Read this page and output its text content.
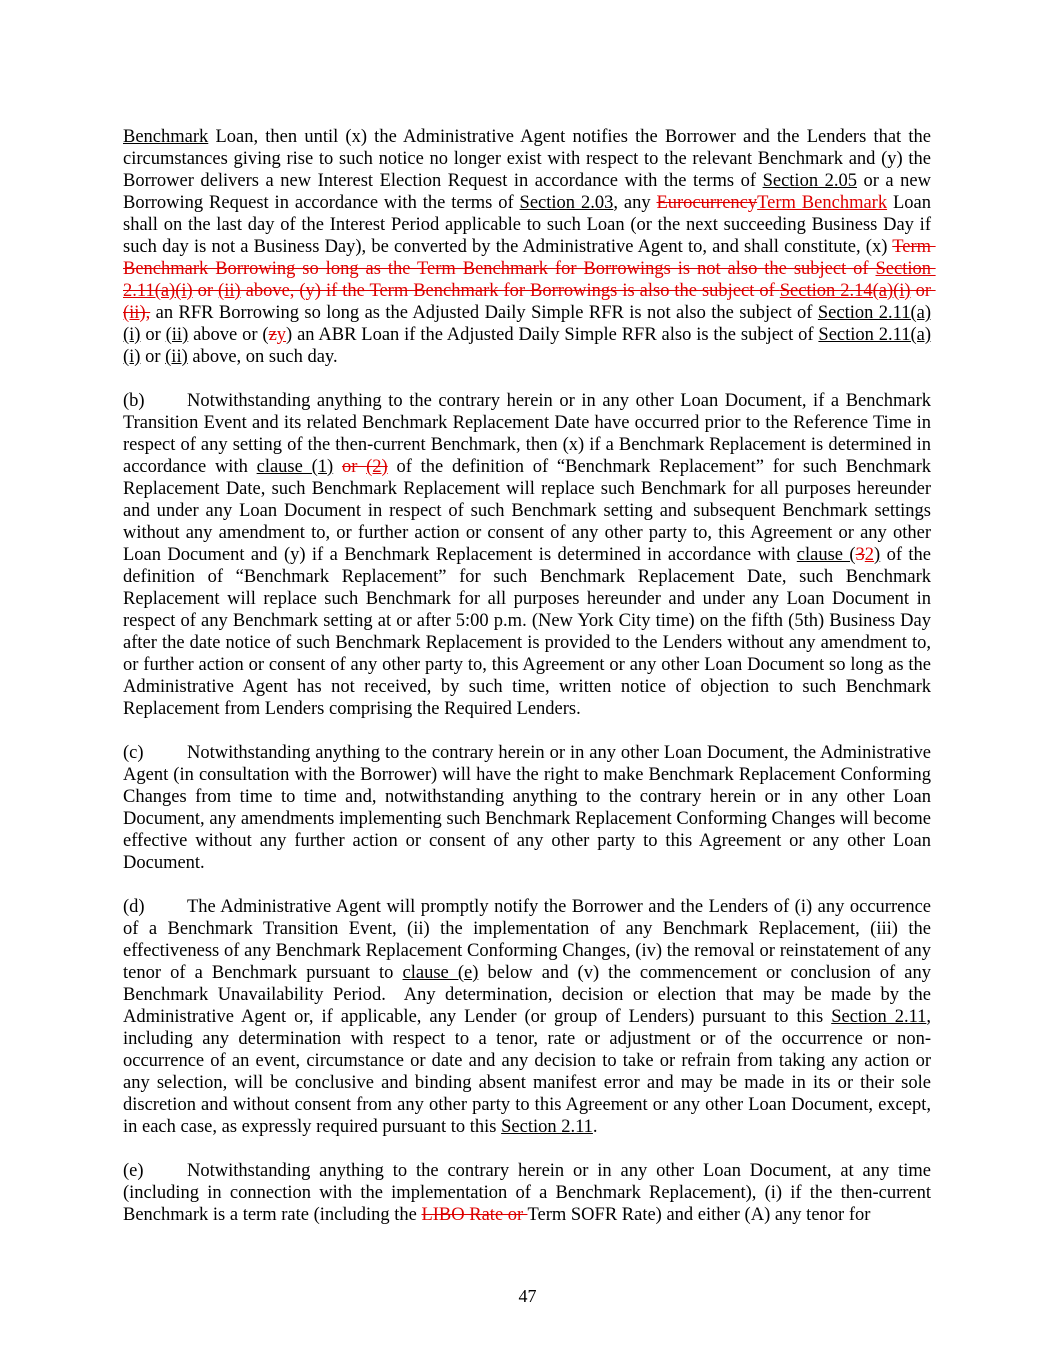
Benchmark Loan, then until (x) the Administrative Agent notifies the Borrower and the Lenders that the circumstances giving rise to such notice no longer exist with respect to the relevant Benchmark and (y) the Borrower delivers a new Interest Election Request in accordance with the terms of Section 2.05 or a new Borrowing Request in accordance with the terms of Section 2.03, any EurocurrencyTerm Benchmark Loan shall on the last day of the Interest Period applicable to such Loan (or the next succeeding Business Day if such day is not a Business Day), be converted by the Administrative Agent to, and shall constitute, (x) Term Benchmark Borrowing so long as the Term Benchmark for Borrowings is not also the subject of Section 2.11(a)(i) or (ii) above, (y) if the Term Benchmark for Borrowings is also the subject of Section 2.14(a)(i) or (ii), an RFR Borrowing so long as the Adjusted Daily Simple RFR is not also the subject of Section 2.11(a)(i) or (ii) above or (zy) an ABR Loan if the Adjusted Daily Simple RFR also is the subject of Section 2.11(a)(i) or (ii) above, on such day.

(b) Notwithstanding anything to the contrary herein or in any other Loan Document, if a Benchmark Transition Event and its related Benchmark Replacement Date have occurred prior to the Reference Time in respect of any setting of the then-current Benchmark, then (x) if a Benchmark Replacement is determined in accordance with clause (1) or (2) of the definition of “Benchmark Replacement” for such Benchmark Replacement Date, such Benchmark Replacement will replace such Benchmark for all purposes hereunder and under any Loan Document in respect of such Benchmark setting and subsequent Benchmark settings without any amendment to, or further action or consent of any other party to, this Agreement or any other Loan Document and (y) if a Benchmark Replacement is determined in accordance with clause (32) of the definition of “Benchmark Replacement” for such Benchmark Replacement Date, such Benchmark Replacement will replace such Benchmark for all purposes hereunder and under any Loan Document in respect of any Benchmark setting at or after 5:00 p.m. (New York City time) on the fifth (5th) Business Day after the date notice of such Benchmark Replacement is provided to the Lenders without any amendment to, or further action or consent of any other party to, this Agreement or any other Loan Document so long as the Administrative Agent has not received, by such time, written notice of objection to such Benchmark Replacement from Lenders comprising the Required Lenders.

(c) Notwithstanding anything to the contrary herein or in any other Loan Document, the Administrative Agent (in consultation with the Borrower) will have the right to make Benchmark Replacement Conforming Changes from time to time and, notwithstanding anything to the contrary herein or in any other Loan Document, any amendments implementing such Benchmark Replacement Conforming Changes will become effective without any further action or consent of any other party to this Agreement or any other Loan Document.

(d) The Administrative Agent will promptly notify the Borrower and the Lenders of (i) any occurrence of a Benchmark Transition Event, (ii) the implementation of any Benchmark Replacement, (iii) the effectiveness of any Benchmark Replacement Conforming Changes, (iv) the removal or reinstatement of any tenor of a Benchmark pursuant to clause (e) below and (v) the commencement or conclusion of any Benchmark Unavailability Period.  Any determination, decision or election that may be made by the Administrative Agent or, if applicable, any Lender (or group of Lenders) pursuant to this Section 2.11, including any determination with respect to a tenor, rate or adjustment or of the occurrence or non-occurrence of an event, circumstance or date and any decision to take or refrain from taking any action or any selection, will be conclusive and binding absent manifest error and may be made in its or their sole discretion and without consent from any other party to this Agreement or any other Loan Document, except, in each case, as expressly required pursuant to this Section 2.11.

(e) Notwithstanding anything to the contrary herein or in any other Loan Document, at any time (including in connection with the implementation of a Benchmark Replacement), (i) if the then-current Benchmark is a term rate (including the LIBO Rate or Term SOFR Rate) and either (A) any tenor for

47
